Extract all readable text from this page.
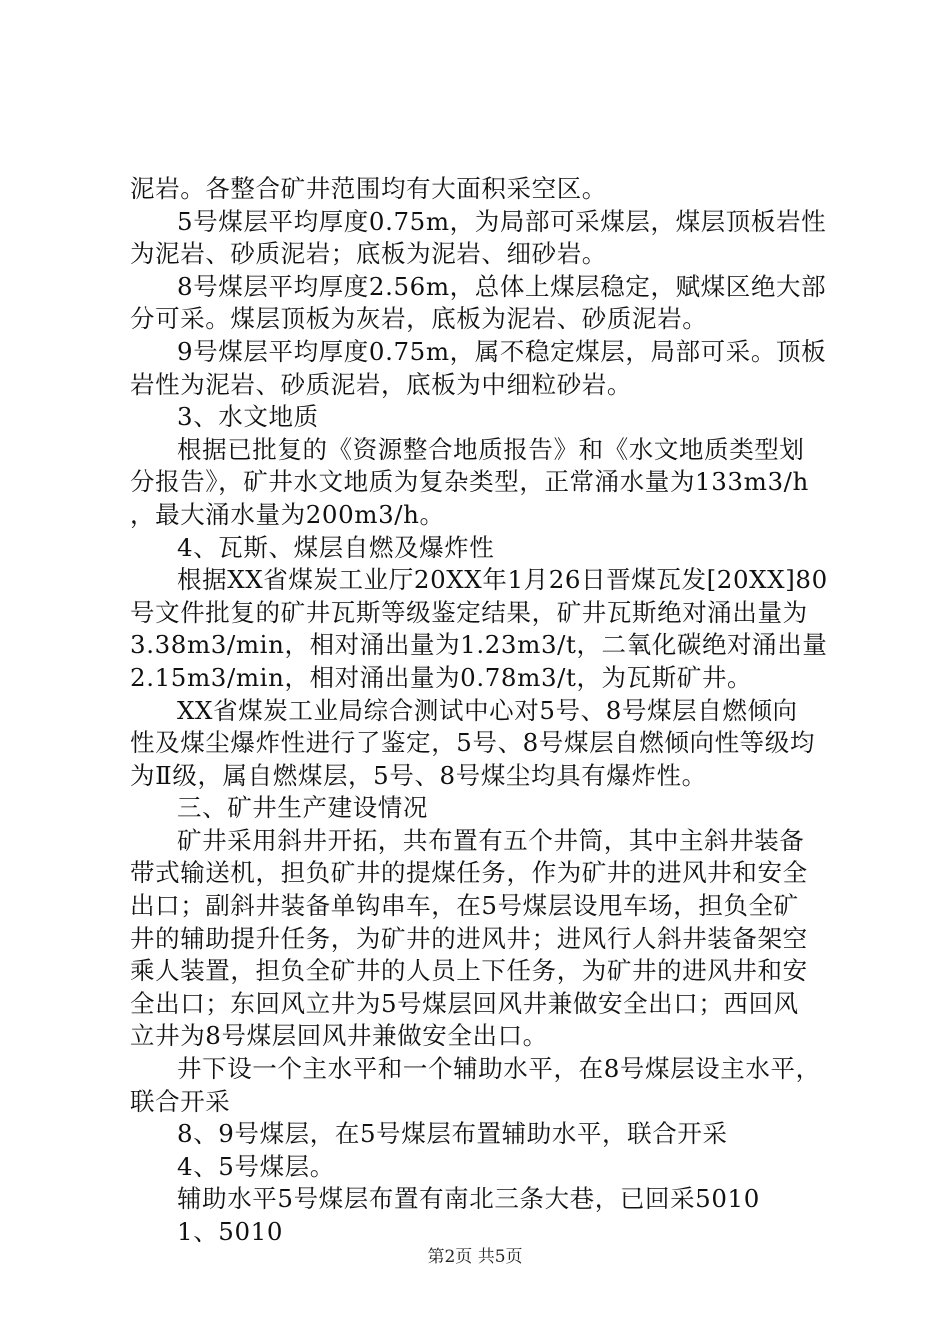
泥岩。各整合矿井范围均有大面积采空区。
5号煤层平均厚度0.75m，为局部可采煤层，煤层顶板岩性
为泥岩、砂质泥岩；底板为泥岩、细砂岩。
8号煤层平均厚度2.56m，总体上煤层稳定，赋煤区绝大部
分可采。煤层顶板为灰岩，底板为泥岩、砂质泥岩。
9号煤层平均厚度0.75m，属不稳定煤层，局部可采。顶板
岩性为泥岩、砂质泥岩，底板为中细粒砂岩。
3、水文地质
根据已批复的《资源整合地质报告》和《水文地质类型划
分报告》，矿井水文地质为复杂类型，正常涌水量为133m3/h
，最大涌水量为200m3/h。
4、瓦斯、煤层自燃及爆炸性
根据XX省煤炭工业厅20XX年1月26日晋煤瓦发[20XX]80
号文件批复的矿井瓦斯等级鉴定结果，矿井瓦斯绝对涌出量为
3.38m3/min，相对涌出量为1.23m3/t，二氧化碳绝对涌出量
2.15m3/min，相对涌出量为0.78m3/t，为瓦斯矿井。
XX省煤炭工业局综合测试中心对5号、8号煤层自燃倾向
性及煤尘爆炸性进行了鉴定，5号、8号煤层自燃倾向性等级均
为Ⅱ级，属自燃煤层，5号、8号煤尘均具有爆炸性。
三、矿井生产建设情况
矿井采用斜井开拓，共布置有五个井筒，其中主斜井装备
带式输送机，担负矿井的提煤任务，作为矿井的进风井和安全
出口；副斜井装备单钩串车，在5号煤层设甩车场，担负全矿
井的辅助提升任务，为矿井的进风井；进风行人斜井装备架空
乘人装置，担负全矿井的人员上下任务，为矿井的进风井和安
全出口；东回风立井为5号煤层回风井兼做安全出口；西回风
立井为8号煤层回风井兼做安全出口。
井下设一个主水平和一个辅助水平，在8号煤层设主水平，
联合开采
8、9号煤层，在5号煤层布置辅助水平，联合开采
4、5号煤层。
辅助水平5号煤层布置有南北三条大巷，已回采5010
1、5010
第2页 共5页
